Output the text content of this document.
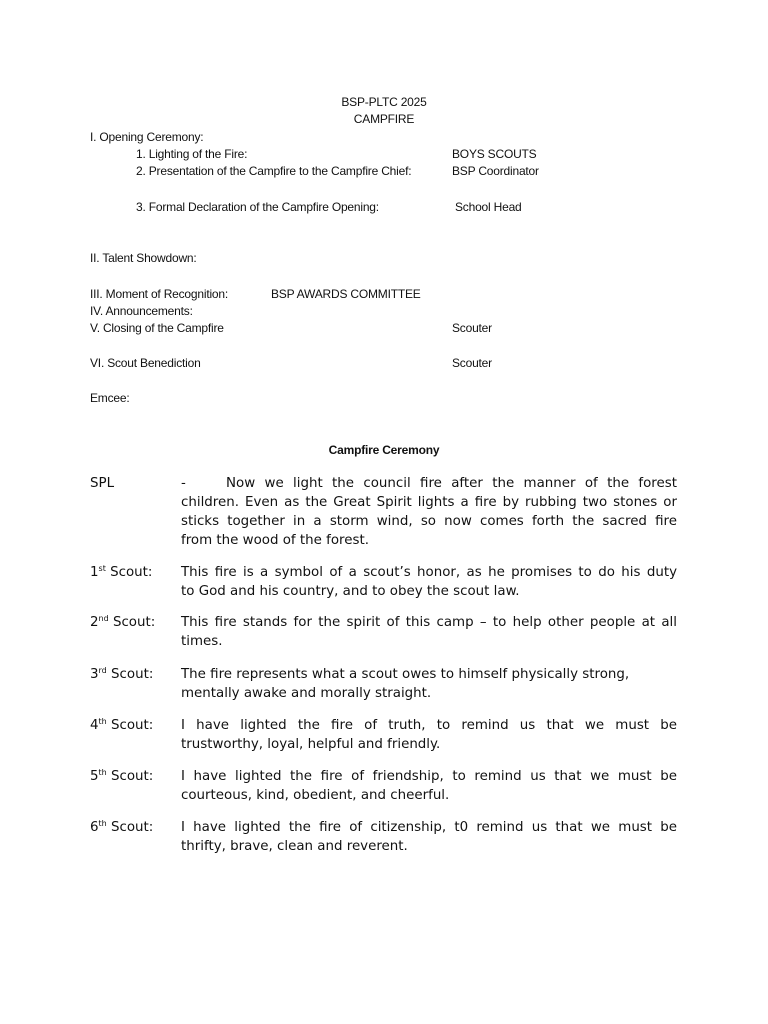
BSP-PLTC 2025
CAMPFIRE
I. Opening Ceremony:
1. Lighting of the Fire:	BOYS SCOUTS
2. Presentation of the Campfire to the Campfire Chief:	BSP Coordinator
3. Formal Declaration of the Campfire Opening:	School Head
II. Talent Showdown:
III. Moment of Recognition:	BSP AWARDS COMMITTEE
IV. Announcements:
V. Closing of the Campfire	Scouter
VI. Scout Benediction	Scouter
Emcee:
Campfire Ceremony
SPL	-	Now we light the council fire after the manner of the forest
children. Even as the Great Spirit lights a fire by rubbing two stones or
sticks together in a storm wind, so now comes forth the sacred fire
from the wood of the forest.
1st Scout: This fire is a symbol of a scout’s honor, as he promises to do his duty
to God and his country, and to obey the scout law.
2nd Scout: This fire stands for the spirit of this camp – to help other people at all
times.
3rd Scout: The fire represents what a scout owes to himself physically strong,
mentally awake and morally straight.
4th Scout: I have lighted the fire of truth, to remind us that we must be
trustworthy, loyal, helpful and friendly.
5th Scout: I have lighted the fire of friendship, to remind us that we must be
courteous, kind, obedient, and cheerful.
6th Scout: I have lighted the fire of citizenship, t0 remind us that we must be
thrifty, brave, clean and reverent.
